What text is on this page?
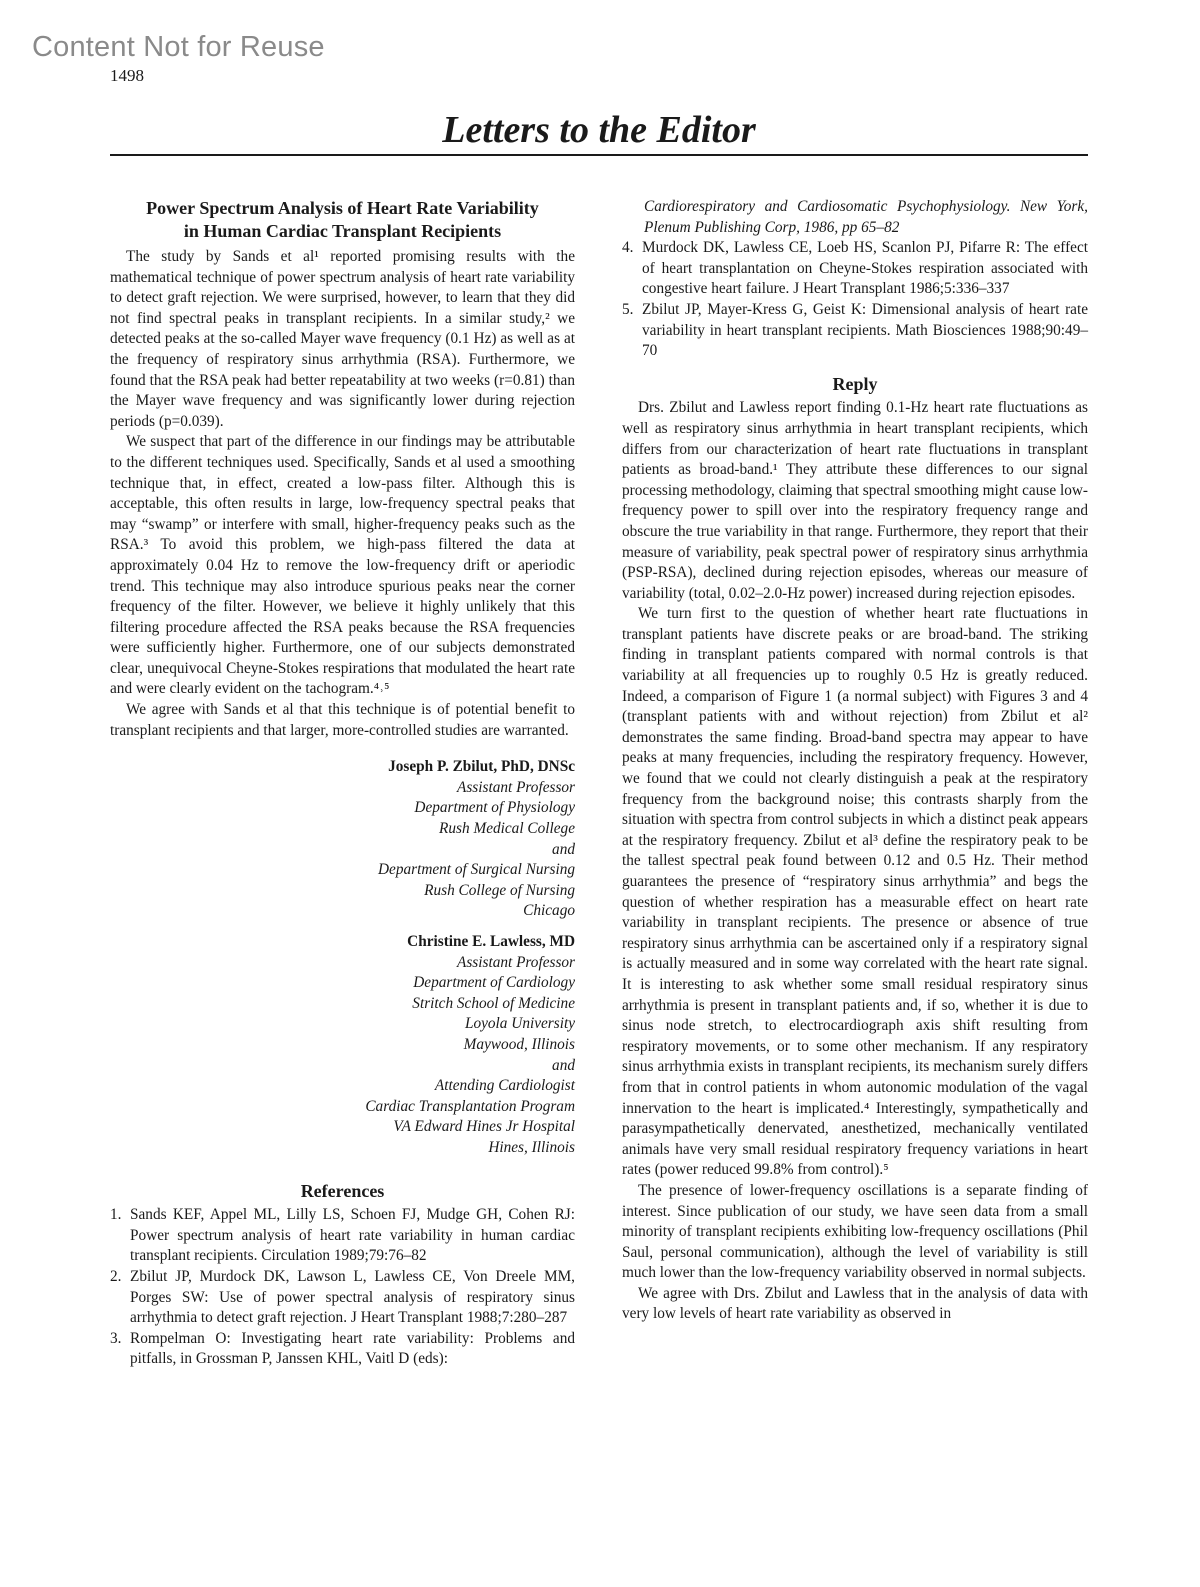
Content Not for Reuse
1498
Letters to the Editor
Power Spectrum Analysis of Heart Rate Variability
in Human Cardiac Transplant Recipients

The study by Sands et al¹ reported promising results with the mathematical technique of power spectrum analysis of heart rate variability to detect graft rejection. We were surprised, however, to learn that they did not find spectral peaks in transplant recipients. In a similar study,² we detected peaks at the so-called Mayer wave frequency (0.1 Hz) as well as at the frequency of respiratory sinus arrhythmia (RSA). Furthermore, we found that the RSA peak had better repeatability at two weeks (r=0.81) than the Mayer wave frequency and was significantly lower during rejection periods (p=0.039).

We suspect that part of the difference in our findings may be attributable to the different techniques used. Specifically, Sands et al used a smoothing technique that, in effect, created a low-pass filter. Although this is acceptable, this often results in large, low-frequency spectral peaks that may “swamp” or interfere with small, higher-frequency peaks such as the RSA.³ To avoid this problem, we high-pass filtered the data at approximately 0.04 Hz to remove the low-frequency drift or aperiodic trend. This technique may also introduce spurious peaks near the corner frequency of the filter. However, we believe it highly unlikely that this filtering procedure affected the RSA peaks because the RSA frequencies were sufficiently higher. Furthermore, one of our subjects demonstrated clear, unequivocal Cheyne-Stokes respirations that modulated the heart rate and were clearly evident on the tachogram.⁴˒⁵

We agree with Sands et al that this technique is of potential benefit to transplant recipients and that larger, more-controlled studies are warranted.

Joseph P. Zbilut, PhD, DNSc
Assistant Professor
Department of Physiology
Rush Medical College
and
Department of Surgical Nursing
Rush College of Nursing
Chicago
Christine E. Lawless, MD
Assistant Professor
Department of Cardiology
Stritch School of Medicine
Loyola University
Maywood, Illinois
and
Attending Cardiologist
Cardiac Transplantation Program
VA Edward Hines Jr Hospital
Hines, Illinois
References
1. Sands KEF, Appel ML, Lilly LS, Schoen FJ, Mudge GH, Cohen RJ: Power spectrum analysis of heart rate variability in human cardiac transplant recipients. Circulation 1989;79:76–82
2. Zbilut JP, Murdock DK, Lawson L, Lawless CE, Von Dreele MM, Porges SW: Use of power spectral analysis of respiratory sinus arrhythmia to detect graft rejection. J Heart Transplant 1988;7:280–287
3. Rompelman O: Investigating heart rate variability: Problems and pitfalls, in Grossman P, Janssen KHL, Vaitl D (eds):
Cardiorespiratory and Cardiosomatic Psychophysiology. New York, Plenum Publishing Corp, 1986, pp 65–82
4. Murdock DK, Lawless CE, Loeb HS, Scanlon PJ, Pifarre R: The effect of heart transplantation on Cheyne-Stokes respiration associated with congestive heart failure. J Heart Transplant 1986;5:336–337
5. Zbilut JP, Mayer-Kress G, Geist K: Dimensional analysis of heart rate variability in heart transplant recipients. Math Biosciences 1988;90:49–70
Reply

Drs. Zbilut and Lawless report finding 0.1-Hz heart rate fluctuations as well as respiratory sinus arrhythmia in heart transplant recipients, which differs from our characterization of heart rate fluctuations in transplant patients as broad-band.¹ They attribute these differences to our signal processing methodology, claiming that spectral smoothing might cause low-frequency power to spill over into the respiratory frequency range and obscure the true variability in that range. Furthermore, they report that their measure of variability, peak spectral power of respiratory sinus arrhythmia (PSP-RSA), declined during rejection episodes, whereas our measure of variability (total, 0.02–2.0-Hz power) increased during rejection episodes.

We turn first to the question of whether heart rate fluctuations in transplant patients have discrete peaks or are broad-band. The striking finding in transplant patients compared with normal controls is that variability at all frequencies up to roughly 0.5 Hz is greatly reduced. Indeed, a comparison of Figure 1 (a normal subject) with Figures 3 and 4 (transplant patients with and without rejection) from Zbilut et al² demonstrates the same finding. Broad-band spectra may appear to have peaks at many frequencies, including the respiratory frequency. However, we found that we could not clearly distinguish a peak at the respiratory frequency from the background noise; this contrasts sharply from the situation with spectra from control subjects in which a distinct peak appears at the respiratory frequency. Zbilut et al³ define the respiratory peak to be the tallest spectral peak found between 0.12 and 0.5 Hz. Their method guarantees the presence of “respiratory sinus arrhythmia” and begs the question of whether respiration has a measurable effect on heart rate variability in transplant recipients. The presence or absence of true respiratory sinus arrhythmia can be ascertained only if a respiratory signal is actually measured and in some way correlated with the heart rate signal. It is interesting to ask whether some small residual respiratory sinus arrhythmia is present in transplant patients and, if so, whether it is due to sinus node stretch, to electrocardiograph axis shift resulting from respiratory movements, or to some other mechanism. If any respiratory sinus arrhythmia exists in transplant recipients, its mechanism surely differs from that in control patients in whom autonomic modulation of the vagal innervation to the heart is implicated.⁴ Interestingly, sympathetically and parasympathetically denervated, anesthetized, mechanically ventilated animals have very small residual respiratory frequency variations in heart rates (power reduced 99.8% from control).⁵

The presence of lower-frequency oscillations is a separate finding of interest. Since publication of our study, we have seen data from a small minority of transplant recipients exhibiting low-frequency oscillations (Phil Saul, personal communication), although the level of variability is still much lower than the low-frequency variability observed in normal subjects.

We agree with Drs. Zbilut and Lawless that in the analysis of data with very low levels of heart rate variability as observed in
